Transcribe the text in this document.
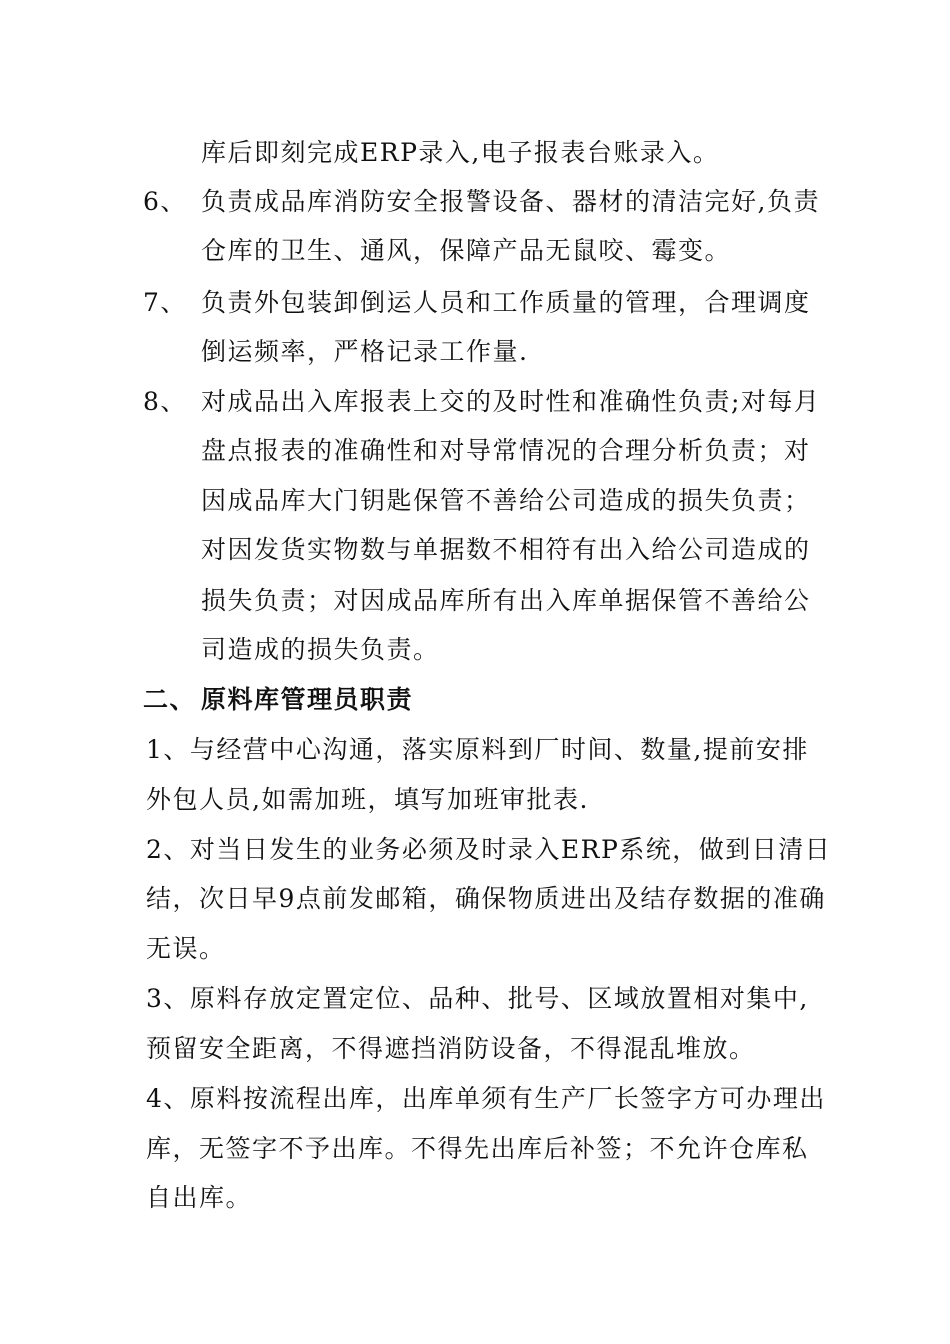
库后即刻完成ERP录入,电子报表台账录入。
6、 负责成品库消防安全报警设备、器材的清洁完好,负责
仓库的卫生、通风，保障产品无鼠咬、霉变。
7、 负责外包装卸倒运人员和工作质量的管理，合理调度
倒运频率，严格记录工作量.
8、 对成品出入库报表上交的及时性和准确性负责;对每月
盘点报表的准确性和对导常情况的合理分析负责；对
因成品库大门钥匙保管不善给公司造成的损失负责；
对因发货实物数与单据数不相符有出入给公司造成的
损失负责；对因成品库所有出入库单据保管不善给公
司造成的损失负责。
二、 原料库管理员职责
1、与经营中心沟通，落实原料到厂时间、数量,提前安排
外包人员,如需加班，填写加班审批表.
2、对当日发生的业务必须及时录入ERP系统，做到日清日
结，次日早9点前发邮箱，确保物质进出及结存数据的准确
无误。
3、原料存放定置定位、品种、批号、区域放置相对集中,
预留安全距离，不得遮挡消防设备，不得混乱堆放。
4、原料按流程出库，出库单须有生产厂长签字方可办理出
库，无签字不予出库。不得先出库后补签；不允许仓库私
自出库。
